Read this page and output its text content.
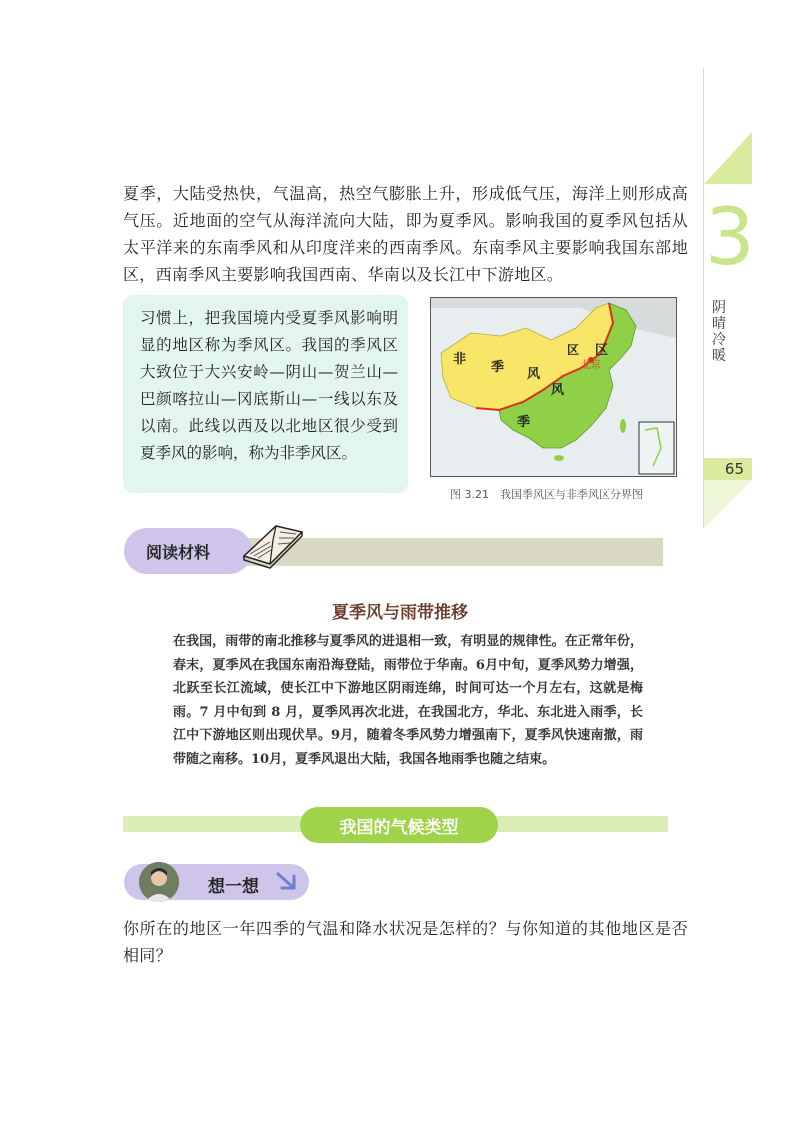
3
阴
晴
冷
暖
65
夏季，大陆受热快，气温高，热空气膨胀上升，形成低气压，海洋上则形成高气压。近地面的空气从海洋流向大陆，即为夏季风。影响我国的夏季风包括从太平洋来的东南季风和从印度洋来的西南季风。东南季风主要影响我国东部地区，西南季风主要影响我国西南、华南以及长江中下游地区。
习惯上，把我国境内受夏季风影响明显的地区称为季风区。我国的季风区大致位于大兴安岭—阴山—贺兰山—巴颜喀拉山—冈底斯山—一线以东及以南。此线以西及以北地区很少受到夏季风的影响，称为非季风区。
非
季 风
季
风
区
区
北京
图 3.21　我国季风区与非季风区分界图
阅读材料
夏季风与雨带推移
在我国，雨带的南北推移与夏季风的进退相一致，有明显的规律性。在正常年份，春末，夏季风在我国东南沿海登陆，雨带位于华南。6月中旬，夏季风势力增强，北跃至长江流域，使长江中下游地区阴雨连绵，时间可达一个月左右，这就是梅雨。7 月中旬到 8 月，夏季风再次北进，在我国北方，华北、东北进入雨季，长江中下游地区则出现伏旱。9月，随着冬季风势力增强南下，夏季风快速南撤，雨带随之南移。10月，夏季风退出大陆，我国各地雨季也随之结束。
我国的气候类型
想一想
你所在的地区一年四季的气温和降水状况是怎样的？与你知道的其他地区是否相同？
